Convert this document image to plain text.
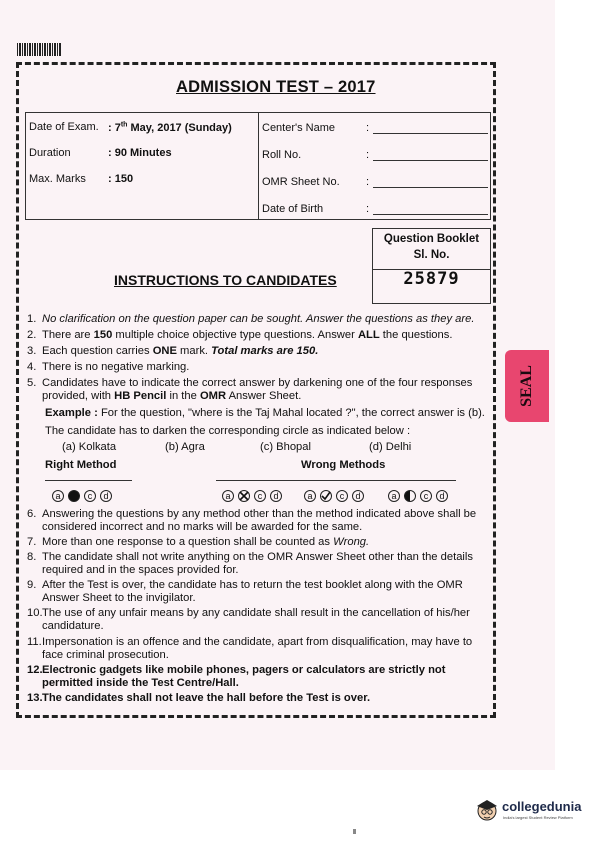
ADMISSION TEST – 2017
Date of Exam. : 7th May, 2017 (Sunday)
Duration	: 90 Minutes
Max. Marks : 150
Center's Name	:
Roll No.	:
OMR Sheet No. :
Date of Birth	:
Question Booklet
Sl. No.
25879
INSTRUCTIONS TO CANDIDATES
1. No clarification on the question paper can be sought. Answer the questions as they are.
2. There are 150 multiple choice objective type questions. Answer ALL the questions.
3. Each question carries ONE mark. Total marks are 150.
4. There is no negative marking.
5. Candidates have to indicate the correct answer by darkening one of the four responses provided, with HB Pencil in the OMR Answer Sheet.
Example : For the question, "where is the Taj Mahal located ?", the correct answer is (b).
The candidate has to darken the corresponding circle as indicated below :
(a) Kolkata	(b) Agra	(c) Bhopal	(d) Delhi
Right Method	Wrong Methods
a	c	d	a	c	d	a	c	d	a	c	d
6. Answering the questions by any method other than the method indicated above shall be considered incorrect and no marks will be awarded for the same.
7. More than one response to a question shall be counted as Wrong.
8. The candidate shall not write anything on the OMR Answer Sheet other than the details required and in the spaces provided for.
9. After the Test is over, the candidate has to return the test booklet along with the OMR Answer Sheet to the invigilator.
10. The use of any unfair means by any candidate shall result in the cancellation of his/her candidature.
11. Impersonation is an offence and the candidate, apart from disqualification, may have to face criminal prosecution.
12. Electronic gadgets like mobile phones, pagers or calculators are strictly not permitted inside the Test Centre/Hall.
13. The candidates shall not leave the hall before the Test is over.
SEAL
collegedunia
India's largest Student Review Platform
